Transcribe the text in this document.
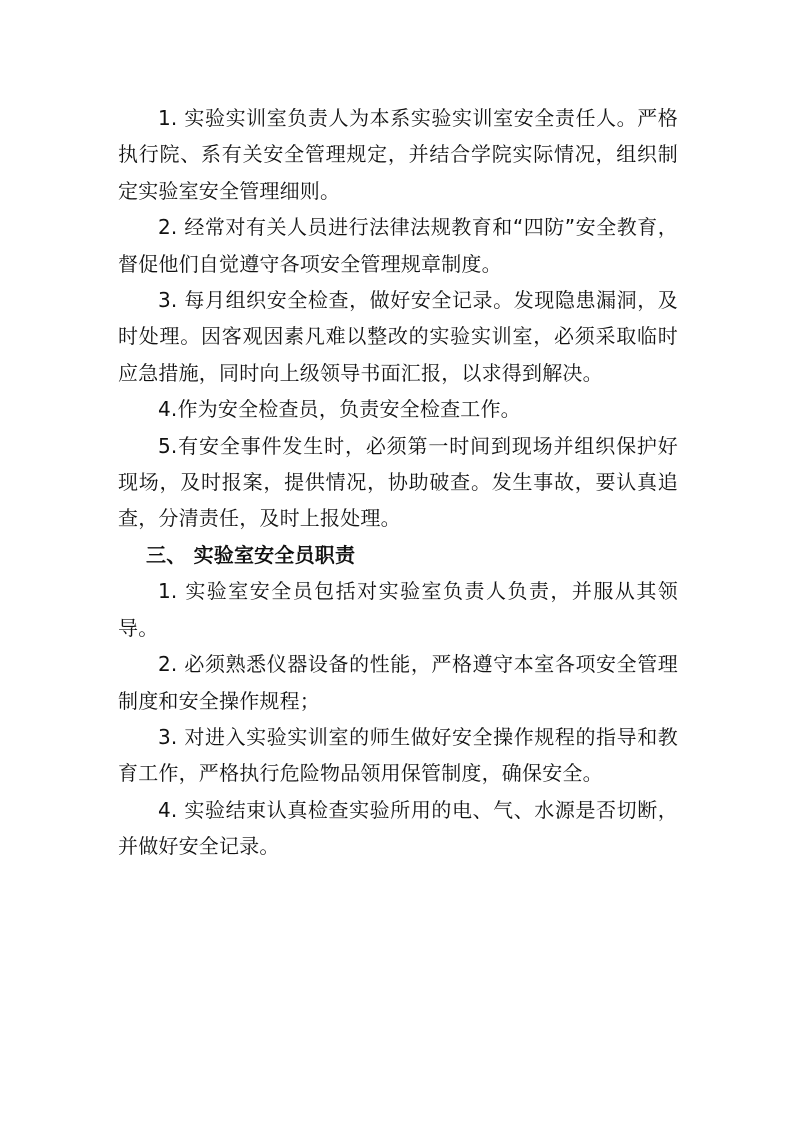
1. 实验实训室负责人为本系实验实训室安全责任人。严格执行院、系有关安全管理规定，并结合学院实际情况，组织制定实验室安全管理细则。

2. 经常对有关人员进行法律法规教育和“四防”安全教育，督促他们自觉遵守各项安全管理规章制度。

3. 每月组织安全检查，做好安全记录。发现隐患漏洞，及时处理。因客观因素凡难以整改的实验实训室，必须采取临时应急措施，同时向上级领导书面汇报，以求得到解决。

4.作为安全检查员，负责安全检查工作。

5.有安全事件发生时，必须第一时间到现场并组织保护好现场，及时报案，提供情况，协助破查。发生事故，要认真追查，分清责任，及时上报处理。

三、 实验室安全员职责

1. 实验室安全员包括对实验室负责人负责，并服从其领导。

2. 必须熟悉仪器设备的性能，严格遵守本室各项安全管理制度和安全操作规程；

3. 对进入实验实训室的师生做好安全操作规程的指导和教育工作，严格执行危险物品领用保管制度，确保安全。

4. 实验结束认真检查实验所用的电、气、水源是否切断，并做好安全记录。
